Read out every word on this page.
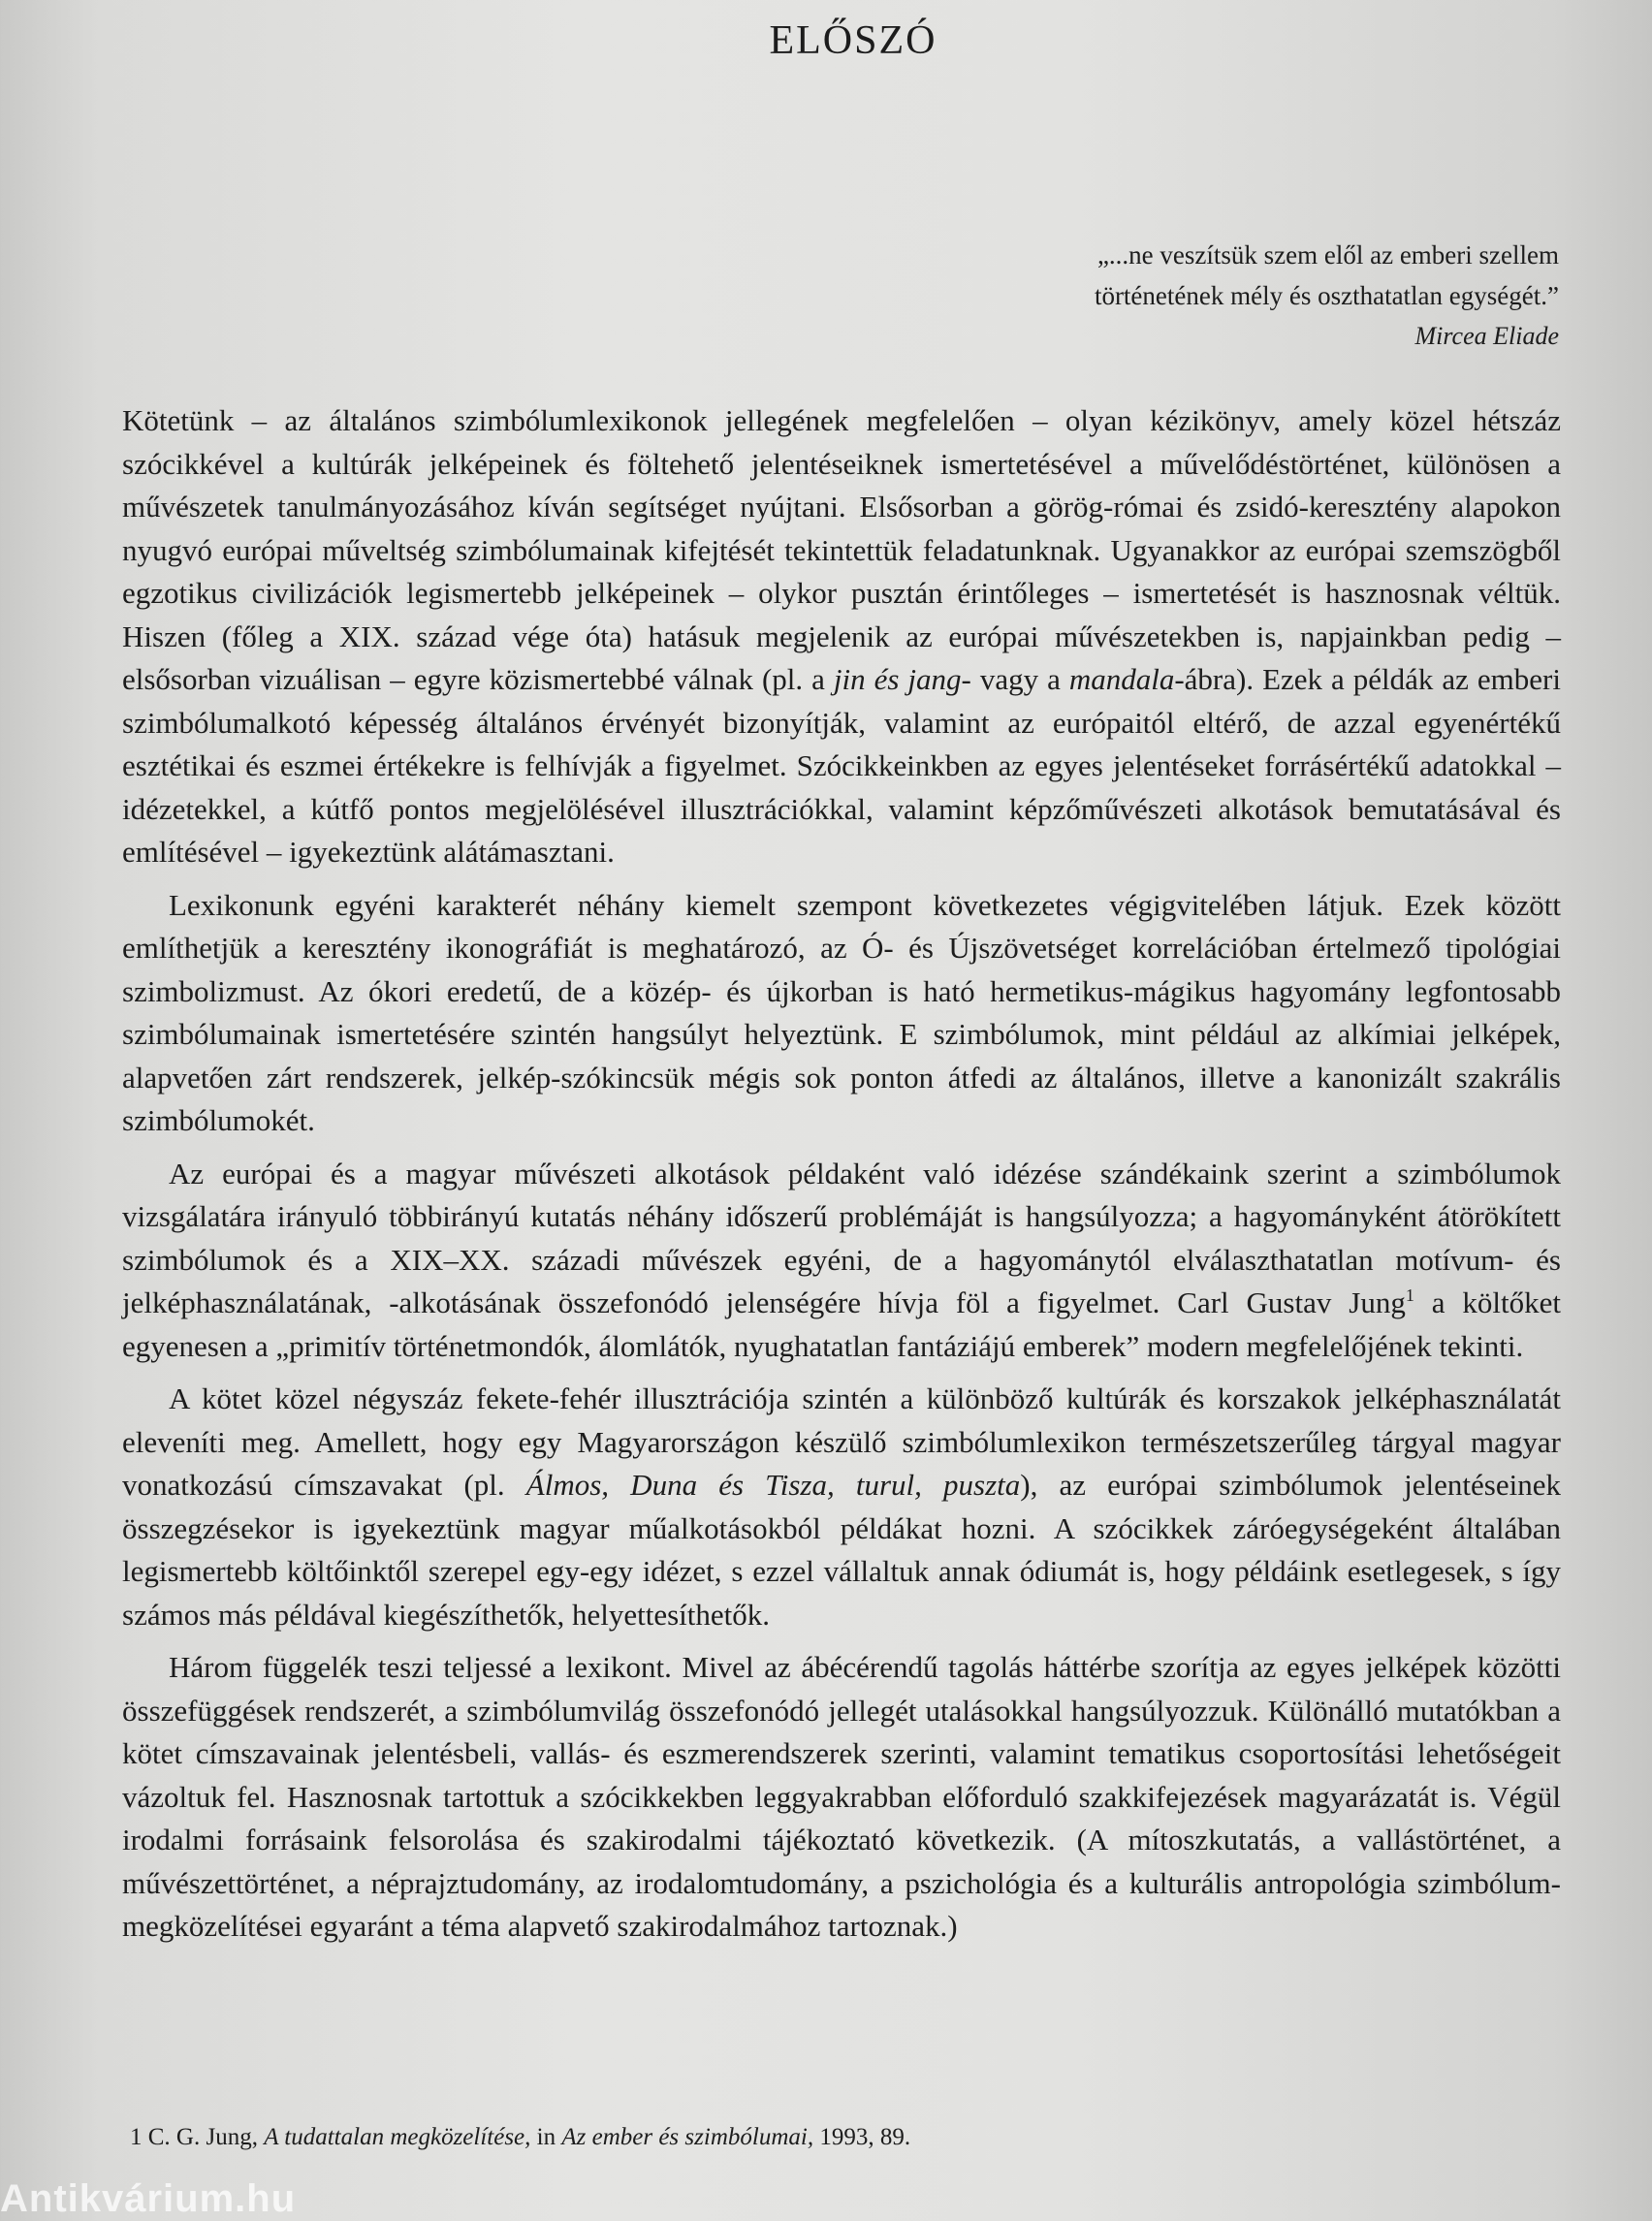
ELŐSZÓ
„...ne veszítsük szem elől az emberi szellem
történetének mély és oszthatatlan egységét.”
Mircea Eliade

Kötetünk – az általános szimbólumlexikonok jellegének megfelelően – olyan kézikönyv, amely közel hétszáz szócikkével a kultúrák jelképeinek és föltehető jelentéseiknek ismertetésével a művelődéstörténet, különösen a művészetek tanulmányozásához kíván segítséget nyújtani. Elsősorban a görög-római és zsidó-keresztény alapokon nyugvó európai műveltség szimbólumainak kifejtését tekintettük feladatunknak. Ugyanakkor az európai szemszögből egzotikus civilizációk legismertebb jelképeinek – olykor pusztán érintőleges – ismertetését is hasznosnak véltük. Hiszen (főleg a XIX. század vége óta) hatásuk megjelenik az európai művészetekben is, napjainkban pedig – elsősorban vizuálisan – egyre közismertebbé válnak (pl. a jin és jang- vagy a mandala-ábra). Ezek a példák az emberi szimbólumalkotó képesség általános érvényét bizonyítják, valamint az európaitól eltérő, de azzal egyenértékű esztétikai és eszmei értékekre is felhívják a figyelmet. Szócikkeinkben az egyes jelentéseket forrásértékű adatokkal – idézetekkel, a kútfő pontos megjelölésével illusztrációkkal, valamint képzőművészeti alkotások bemutatásával és említésével – igyekeztünk alátámasztani.

Lexikonunk egyéni karakterét néhány kiemelt szempont következetes végigvitelében látjuk. Ezek között említhetjük a keresztény ikonográfiát is meghatározó, az Ó- és Újszövetséget korrelációban értelmező tipológiai szimbolizmust. Az ókori eredetű, de a közép- és újkorban is ható hermetikus-mágikus hagyomány legfontosabb szimbólumainak ismertetésére szintén hangsúlyt helyeztünk. E szimbólumok, mint például az alkímiai jelképek, alapvetően zárt rendszerek, jelkép-szókincsük mégis sok ponton átfedi az általános, illetve a kanonizált szakrális szimbólumokét.

Az európai és a magyar művészeti alkotások példaként való idézése szándékaink szerint a szimbólumok vizsgálatára irányuló többirányú kutatás néhány időszerű problémáját is hangsúlyozza; a hagyományként átörökített szimbólumok és a XIX–XX. századi művészek egyéni, de a hagyománytól elválaszthatatlan motívum- és jelképhasználatának, -alkotásának összefonódó jelenségére hívja föl a figyelmet. Carl Gustav Jung$^1$ a költőket egyenesen a „primitív történetmondók, álomlátók, nyughatatlan fantáziájú emberek” modern megfelelőjének tekinti.

A kötet közel négyszáz fekete-fehér illusztrációja szintén a különböző kultúrák és korszakok jelképhasználatát eleveníti meg. Amellett, hogy egy Magyarországon készülő szimbólumlexikon természetszerűleg tárgyal magyar vonatkozású címszavakat (pl. Álmos, Duna és Tisza, turul, puszta), az európai szimbólumok jelentéseinek összegzésekor is igyekeztünk magyar műalkotásokból példákat hozni. A szócikkek záróegységeként általában legismertebb költőinktől szerepel egy-egy idézet, s ezzel vállaltuk annak ódiumát is, hogy példáink esetlegesek, s így számos más példával kiegészíthetők, helyettesíthetők.

Három függelék teszi teljessé a lexikont. Mivel az ábécérendű tagolás háttérbe szorítja az egyes jelképek közötti összefüggések rendszerét, a szimbólumvilág összefonódó jellegét utalásokkal hangsúlyozzuk. Különálló mutatókban a kötet címszavainak jelentésbeli, vallás- és eszmerendszerek szerinti, valamint tematikus csoportosítási lehetőségeit vázoltuk fel. Hasznosnak tartottuk a szócikkekben leggyakrabban előforduló szakkifejezések magyarázatát is. Végül irodalmi forrásaink felsorolása és szakirodalmi tájékoztató következik. (A mítoszkutatás, a vallástörténet, a művészettörténet, a néprajztudomány, az irodalomtudomány, a pszichológia és a kulturális antropológia szimbólum-megközelítései egyaránt a téma alapvető szakirodalmához tartoznak.)

1 C. G. Jung, A tudattalan megközelítése, in Az ember és szimbólumai, 1993, 89.
Antikvárium.hu
